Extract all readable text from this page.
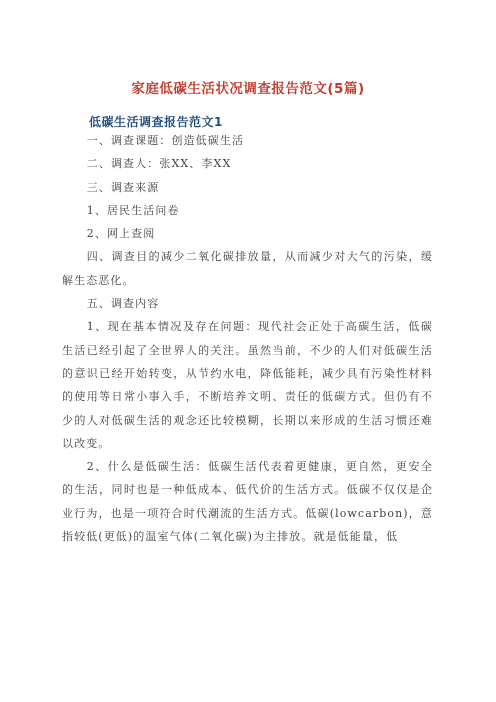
家庭低碳生活状况调查报告范文(5篇)
低碳生活调查报告范文1

一、调查课题：创造低碳生活

二、调查人：张XX、李XX

三、调查来源

1、居民生活问卷

2、网上查阅

四、调查目的减少二氧化碳排放量，从而减少对大气的污染，缓解生态恶化。

五、调查内容

1、现在基本情况及存在问题：现代社会正处于高碳生活，低碳生活已经引起了全世界人的关注。虽然当前，不少的人们对低碳生活的意识已经开始转变，从节约水电，降低能耗，减少具有污染性材料的使用等日常小事入手，不断培养文明、责任的低碳方式。但仍有不少的人对低碳生活的观念还比较模糊，长期以来形成的生活习惯还难以改变。

2、什么是低碳生活：低碳生活代表着更健康，更自然，更安全的生活，同时也是一种低成本、低代价的生活方式。低碳不仅仅是企业行为，也是一项符合时代潮流的生活方式。低碳(lowcarbon)，意指较低(更低)的温室气体(二氧化碳)为主排放。就是低能量，低
